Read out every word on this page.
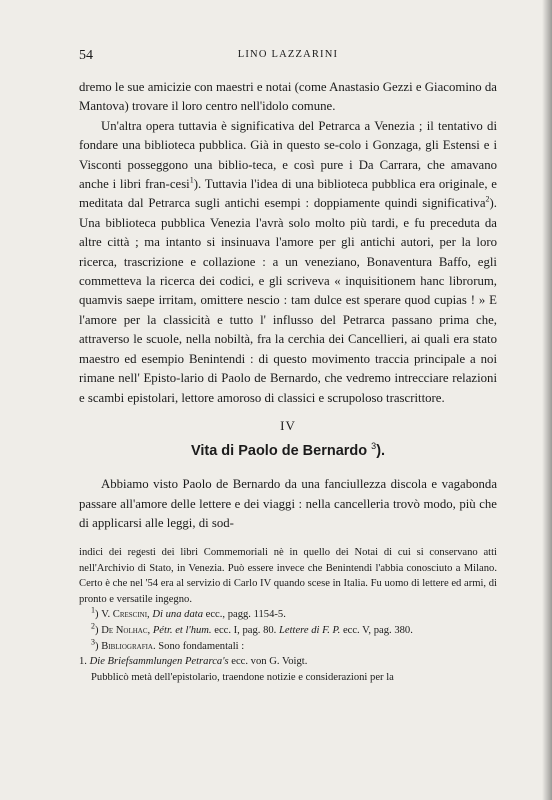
54	LINO LAZZARINI

dremo le sue amicizie con maestri e notai (come Anastasio Gezzi e Giacomino da Mantova) trovare il loro centro nell'idolo comune.

Un'altra opera tuttavia è significativa del Petrarca a Venezia ; il tentativo di fondare una biblioteca pubblica. Già in questo se-colo i Gonzaga, gli Estensi e i Visconti posseggono una biblio-teca, e così pure i Da Carrara, che amavano anche i libri fran-cesi$^1$). Tuttavia l'idea di una biblioteca pubblica era originale, e meditata dal Petrarca sugli antichi esempi : doppiamente quindi significativa$^2$). Una biblioteca pubblica Venezia l'avrà solo molto più tardi, e fu preceduta da altre città ; ma intanto si insinuava l'amore per gli antichi autori, per la loro ricerca, trascrizione e collazione : a un veneziano, Bonaventura Baffo, egli commetteva la ricerca dei codici, e gli scriveva « inquisitionem hanc librorum, quamvis saepe irritam, omittere nescio : tam dulce est sperare quod cupias ! » E l'amore per la classicità e tutto l' influsso del Petrarca passano prima che, attraverso le scuole, nella nobiltà, fra la cerchia dei Cancellieri, ai quali era stato maestro ed esempio Benintendi : di questo movimento traccia principale a noi rimane nell' Episto-lario di Paolo de Bernardo, che vedremo intrecciare relazioni e scambi epistolari, lettore amoroso di classici e scrupoloso trascrittore.

IV
Vita di Paolo de Bernardo $^3$).

Abbiamo visto Paolo de Bernardo da una fanciullezza discola e vagabonda passare all'amore delle lettere e dei viaggi : nella cancelleria trovò modo, più che di applicarsi alle leggi, di sod-

indici dei regesti dei libri Commemoriali nè in quello dei Notai di cui si conservano atti nell'Archivio di Stato, in Venezia. Può essere invece che Benintendi l'abbia conosciuto a Milano. Certo è che nel '54 era al servizio di Carlo IV quando scese in Italia. Fu uomo di lettere ed armi, di pronto e versatile ingegno.

$^1$) V. Crescini, Di una data ecc., pagg. 1154-5.

$^2$) De Nolhac, Pétr. et l'hum. ecc. I, pag. 80. Lettere di F. P. ecc. V, pag. 380.

$^3$) Bibliografia. Sono fondamentali :

1. Die Briefsammlungen Petrarca's ecc. von G. Voigt.

Pubblicò metà dell'epistolario, traendone notizie e considerazioni per la
